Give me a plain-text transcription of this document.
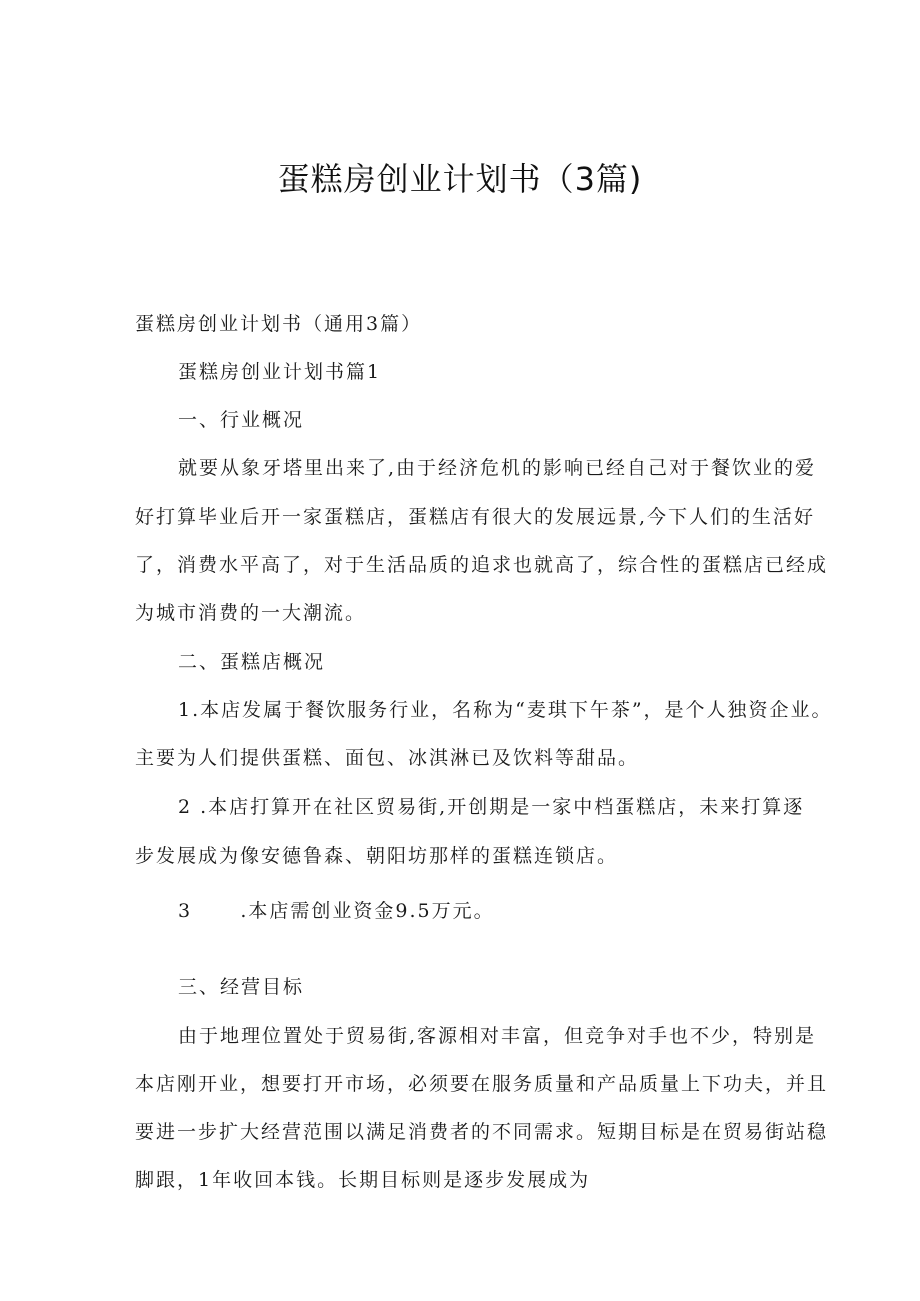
蛋糕房创业计划书（3篇)
蛋糕房创业计划书（通用3篇）
蛋糕房创业计划书篇1
一、行业概况
就要从象牙塔里出来了,由于经济危机的影响已经自己对于餐饮业的爱
好打算毕业后开一家蛋糕店，蛋糕店有很大的发展远景,今下人们的生活好
了，消费水平高了，对于生活品质的追求也就高了，综合性的蛋糕店已经成
为城市消费的一大潮流。
二、蛋糕店概况
1.本店发属于餐饮服务行业，名称为“麦琪下午茶”，是个人独资企业。
主要为人们提供蛋糕、面包、冰淇淋已及饮料等甜品。
2 .本店打算开在社区贸易街,开创期是一家中档蛋糕店，未来打算逐
步发展成为像安德鲁森、朝阳坊那样的蛋糕连锁店。
3      .本店需创业资金9.5万元。
三、经营目标
由于地理位置处于贸易街,客源相对丰富，但竞争对手也不少，特别是
本店刚开业，想要打开市场，必须要在服务质量和产品质量上下功夫，并且
要进一步扩大经营范围以满足消费者的不同需求。短期目标是在贸易街站稳
脚跟，1年收回本钱。长期目标则是逐步发展成为
